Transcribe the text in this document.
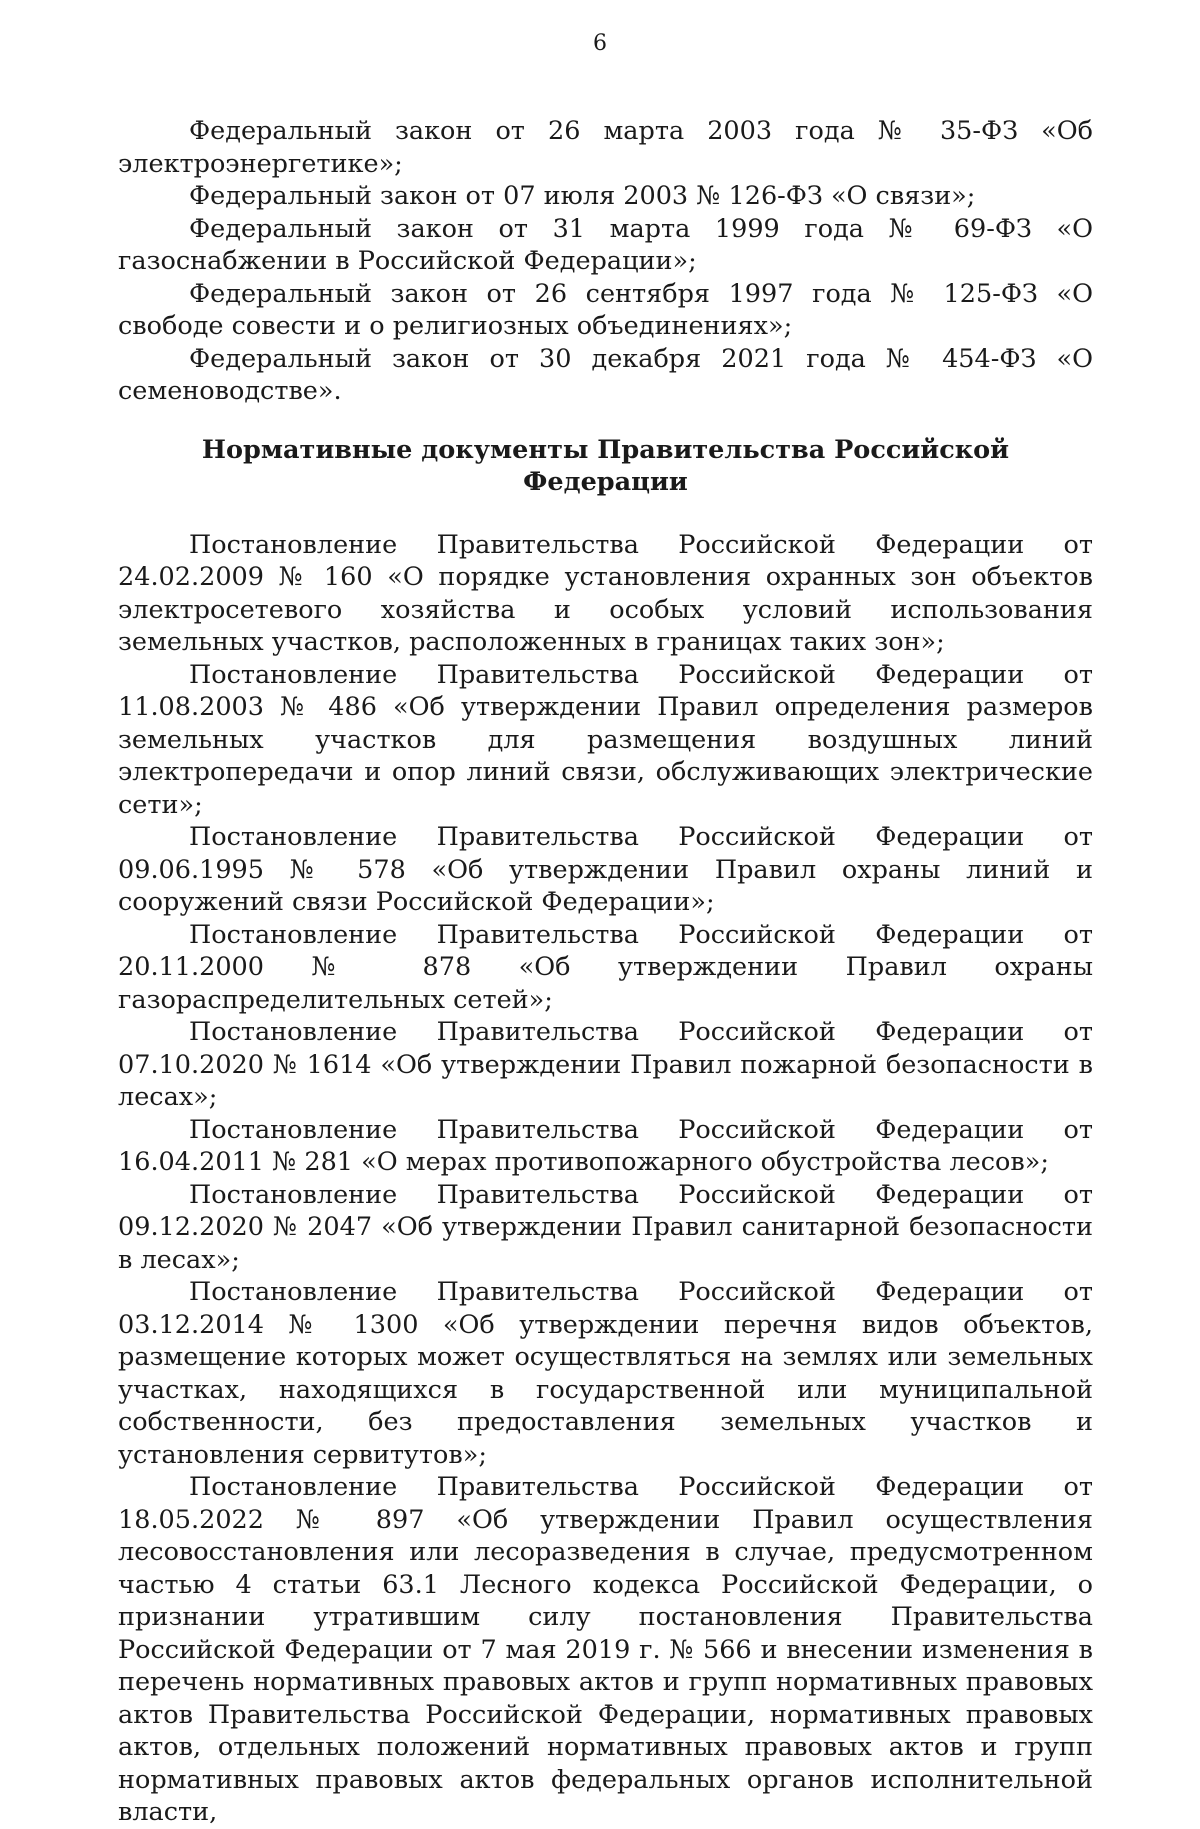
6

Федеральный закон от 26 марта 2003 года № 35-ФЗ «Об электроэнергетике»;

Федеральный закон от 07 июля 2003 № 126-ФЗ «О связи»;

Федеральный закон от 31 марта 1999 года № 69-ФЗ «О газоснабжении в Российской Федерации»;

Федеральный закон от 26 сентября 1997 года № 125-ФЗ «О свободе совести и о религиозных объединениях»;

Федеральный закон от 30 декабря 2021 года № 454-ФЗ «О семеноводстве».

Нормативные документы Правительства Российской Федерации

Постановление Правительства Российской Федерации от 24.02.2009 № 160 «О порядке установления охранных зон объектов электросетевого хозяйства и особых условий использования земельных участков, расположенных в границах таких зон»;

Постановление Правительства Российской Федерации от 11.08.2003 № 486 «Об утверждении Правил определения размеров земельных участков для размещения воздушных линий электропередачи и опор линий связи, обслуживающих электрические сети»;

Постановление Правительства Российской Федерации от 09.06.1995 № 578 «Об утверждении Правил охраны линий и сооружений связи Российской Федерации»;

Постановление Правительства Российской Федерации от 20.11.2000 № 878 «Об утверждении Правил охраны газораспределительных сетей»;

Постановление Правительства Российской Федерации от 07.10.2020 № 1614 «Об утверждении Правил пожарной безопасности в лесах»;

Постановление Правительства Российской Федерации от 16.04.2011 № 281 «О мерах противопожарного обустройства лесов»;

Постановление Правительства Российской Федерации от 09.12.2020 № 2047 «Об утверждении Правил санитарной безопасности в лесах»;

Постановление Правительства Российской Федерации от 03.12.2014 № 1300 «Об утверждении перечня видов объектов, размещение которых может осуществляться на землях или земельных участках, находящихся в государственной или муниципальной собственности, без предоставления земельных участков и установления сервитутов»;

Постановление Правительства Российской Федерации от 18.05.2022 № 897 «Об утверждении Правил осуществления лесовосстановления или лесоразведения в случае, предусмотренном частью 4 статьи 63.1 Лесного кодекса Российской Федерации, о признании утратившим силу постановления Правительства Российской Федерации от 7 мая 2019 г. № 566 и внесении изменения в перечень нормативных правовых актов и групп нормативных правовых актов Правительства Российской Федерации, нормативных правовых актов, отдельных положений нормативных правовых актов и групп нормативных правовых актов федеральных органов исполнительной власти,
